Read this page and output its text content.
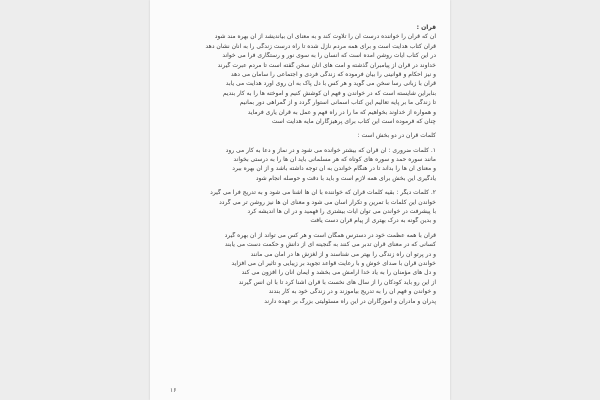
قرآن :
آن که قرآن را خواننده درست آن را تلاوت کند و به معنای آن بیاندیشد از آن بهره مند شود
قرآن کتاب هدایت است و برای همه مردم نازل شده تا راه درست زندگی را به آنان نشان دهد
در این کتاب آیات روشن آمده است که انسان را به سوی نور و رستگاری فرا می خواند
خداوند در قرآن از پیامبران گذشته و امت های آنان سخن گفته است تا مردم عبرت گیرند
و نیز احکام و قوانینی را بیان فرموده که زندگی فردی و اجتماعی را سامان می دهد
قرآن با زبانی رسا سخن می گوید و هر کس با دل پاک به آن روی آورد هدایت می یابد
بنابراین شایسته است که در خواندن و فهم آن کوشش کنیم و آموخته ها را به کار بندیم
تا زندگی ما بر پایه تعالیم این کتاب آسمانی استوار گردد و از گمراهی دور بمانیم
و همواره از خداوند بخواهیم که ما را در راه فهم و عمل به قرآن یاری فرماید
چنان که فرموده است این کتاب برای پرهیزگاران مایه هدایت است
کلمات قرآن در دو بخش است :
۱. کلمات ضروری : آن قرآن که بیشتر خوانده می شود و در نماز و دعا به کار می رود
مانند سوره حمد و سوره های کوتاه که هر مسلمانی باید آن ها را به درستی بخواند
و معنای آن ها را بداند تا در هنگام خواندن به آن توجه داشته باشد و از آن بهره ببرد
یادگیری این بخش برای همه لازم است و باید با دقت و حوصله انجام شود
۲. کلمات دیگر : بقیه کلمات قرآن که خواننده با آن ها آشنا می شود و به تدریج فرا می گیرد
خواندن این کلمات با تمرین و تکرار آسان می شود و معنای آن ها نیز روشن تر می گردد
با پیشرفت در خواندن می توان آیات بیشتری را فهمید و در آن ها اندیشه کرد
و بدین گونه به درک بهتری از پیام قرآن دست یافت
قرآن با همه عظمت خود در دسترس همگان است و هر کس می تواند از آن بهره گیرد
کسانی که در معنای قرآن تدبر می کنند به گنجینه ای از دانش و حکمت دست می یابند
و در پرتو آن راه زندگی را بهتر می شناسند و از لغزش ها در امان می مانند
خواندن قرآن با صدای خوش و با رعایت قواعد تجوید بر زیبایی و تأثیر آن می افزاید
و دل های مؤمنان را به یاد خدا آرامش می بخشد و ایمان آنان را افزون می کند
از این رو باید کودکان را از سال های نخست با قرآن آشنا کرد تا با آن انس گیرند
و خواندن و فهم آن را به تدریج بیاموزند و در زندگی خود به کار بندند
پدران و مادران و آموزگاران در این راه مسئولیتی بزرگ بر عهده دارند
۱۶
